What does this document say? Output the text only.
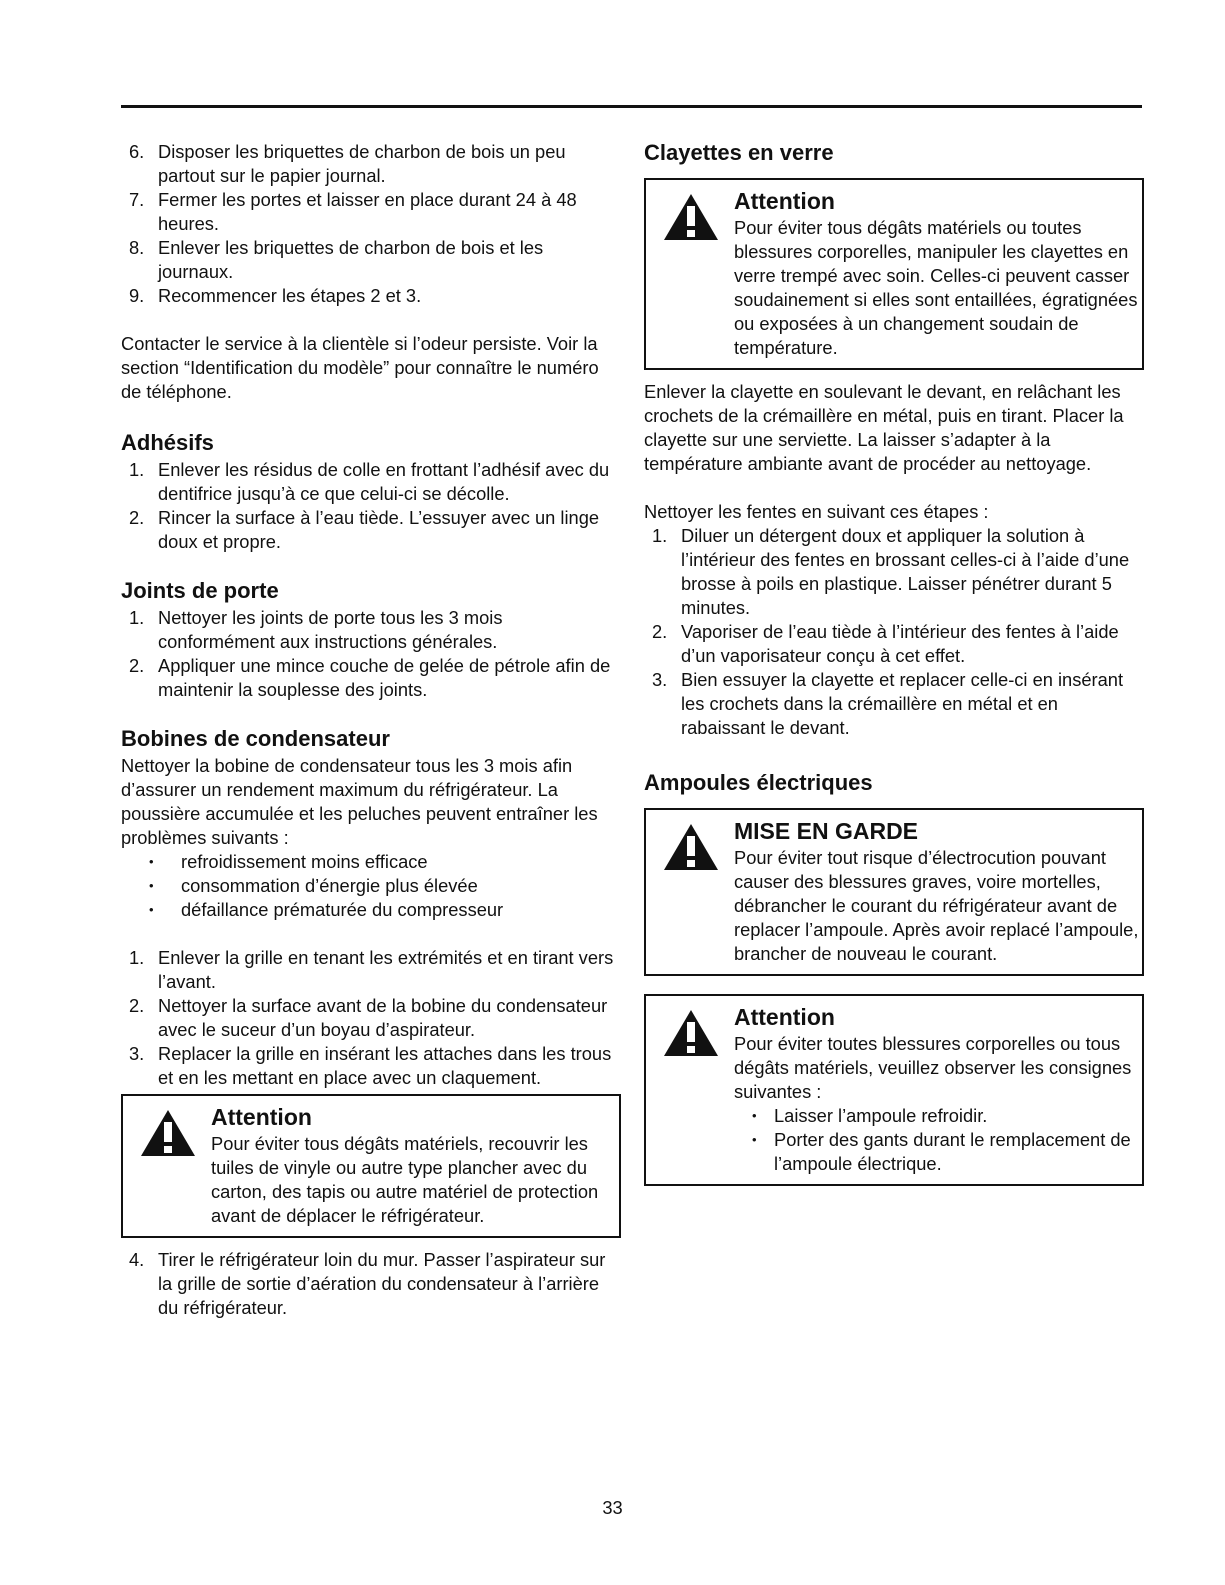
6. Disposer les briquettes de charbon de bois un peu partout sur le papier journal.
7. Fermer les portes et laisser en place durant 24 à 48 heures.
8. Enlever les briquettes de charbon de bois et les journaux.
9. Recommencer les étapes 2 et 3.

Contacter le service à la clientèle si l’odeur persiste. Voir la section “Identification du modèle” pour connaître le numéro de téléphone.

Adhésifs
1. Enlever les résidus de colle en frottant l’adhésif avec du dentifrice jusqu’à ce que celui-ci se décolle.
2. Rincer la surface à l’eau tiède. L’essuyer avec un linge doux et propre.
Joints de porte
1. Nettoyer les joints de porte tous les 3 mois conformément aux instructions générales.
2. Appliquer une mince couche de gelée de pétrole afin de maintenir la souplesse des joints.
Bobines de condensateur

Nettoyer la bobine de condensateur tous les 3 mois afin d’assurer un rendement maximum du réfrigérateur. La poussière accumulée et les peluches peuvent entraîner les problèmes suivants :

• refroidissement moins efficace
• consommation d’énergie plus élevée
• défaillance prématurée du compresseur
1. Enlever la grille en tenant les extrémités et en tirant vers l’avant.
2. Nettoyer la surface avant de la bobine du condensateur avec le suceur d’un boyau d’aspirateur.
3. Replacer la grille en insérant les attaches dans les trous et en les mettant en place avec un claquement.
Attention

Pour éviter tous dégâts matériels, recouvrir les tuiles de vinyle ou autre type plancher avec du carton, des tapis ou autre matériel de protection avant de déplacer le réfrigérateur.

4. Tirer le réfrigérateur loin du mur. Passer l’aspirateur sur la grille de sortie d’aération du condensateur à l’arrière du réfrigérateur.
Clayettes en verre
Attention

Pour éviter tous dégâts matériels ou toutes blessures corporelles, manipuler les clayettes en verre trempé avec soin. Celles-ci peuvent casser soudainement si elles sont entaillées, égratignées ou exposées à un changement soudain de température.

Enlever la clayette en soulevant le devant, en relâchant les crochets de la crémaillère en métal, puis en tirant. Placer la clayette sur une serviette. La laisser s’adapter à la température ambiante avant de procéder au nettoyage.

Nettoyer les fentes en suivant ces étapes :

1. Diluer un détergent doux et appliquer la solution à l’intérieur des fentes en brossant celles-ci à l’aide d’une brosse à poils en plastique. Laisser pénétrer durant 5 minutes.
2. Vaporiser de l’eau tiède à l’intérieur des fentes à l’aide d’un vaporisateur conçu à cet effet.
3. Bien essuyer la clayette et replacer celle-ci en insérant les crochets dans la crémaillère en métal et en rabaissant le devant.
Ampoules électriques
MISE EN GARDE

Pour éviter tout risque d’électrocution pouvant causer des blessures graves, voire mortelles, débrancher le courant du réfrigérateur avant de replacer l’ampoule. Après avoir replacé l’ampoule, brancher de nouveau le courant.

Attention

Pour éviter toutes blessures corporelles ou tous dégâts matériels, veuillez observer les consignes suivantes :

• Laisser l’ampoule refroidir.
• Porter des gants durant le remplacement de l’ampoule électrique.
33
